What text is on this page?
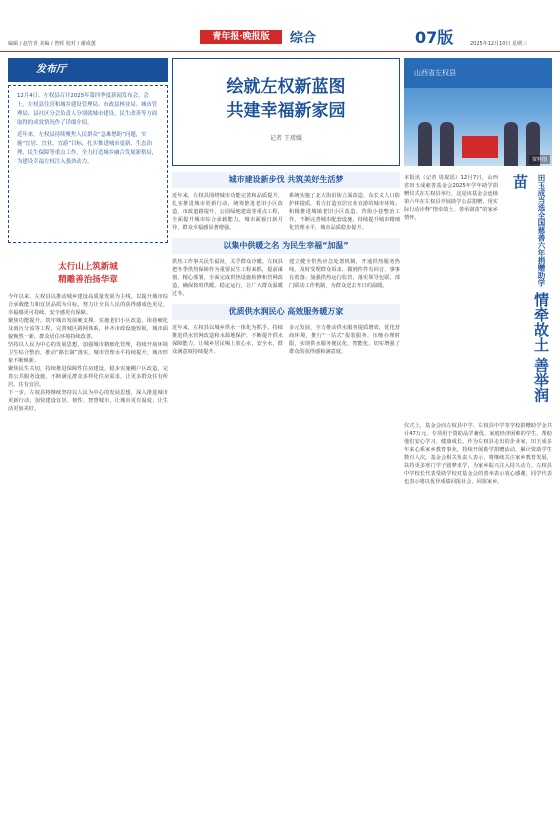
编辑 / 赵竹青 美编 / 曾晖 校对 / 谢成蕙
青年报·晚报版	综合	07版	2025年12月10日 星期三
发布厅

12月4日，左权县召开2025年第四季度新闻发布会。会上，左权县住房和城乡建设管理局、市政县林业局、城市管理局、县社区分会负责人分别就城市建设、民生改善等方面取得的成效情况作了详细介绍。

近年来，左权县持续聚焦人民群众“急难愁盼”问题，实施“宜居、宜业、宜游”目标，扎实推进城市更新、生态治理、民生保障等重点工作，全力打造城乡融合发展新格局，为建设幸福左权注入强劲动力。

太行山上筑新城
精雕善治扬华章

今年以来，左权县以推动城乡建设高质量发展为主线，以提升城市综合承载能力和宜居品质为目标，努力让全县人民的获得感成色更足、幸福感更可持续、安全感更有保障。

聚焦功能提升，筑牢城市发展硬支撑。实施老旧小区改造、街巷硬化及雨污分流等工程，完善城区路网体系，补齐市政设施短板，城市面貌焕然一新，群众居住环境持续改善。

坚持以人民为中心的发展思想，加强城市精细化管理，持续开展环境卫生综合整治，推动“路长制”落实，城市管理水平持续提升，城市形象不断焕新。

聚焦民生关切，持续推进保障性住房建设，稳步实施棚户区改造，完善公共服务设施，不断满足群众多样化住房需求，让更多群众住有所居、住有宜居。

下一步，左权县将继续坚持以人民为中心的发展思想，深入推进城市更新行动，加快建设宜居、韧性、智慧城市，让城市更有温度、让生活更加美好。

绘就左权新蓝图
共建幸福新家园
记者 王瑷媛
城市建设新步伐 共筑美好生活梦

近年来，左权县围绕城市功能完善和品质提升，扎实推进城市更新行动，统筹推进老旧小区改造、市政道路提升、公园绿地建设等重点工程，全面提升城市综合承载能力，城市面貌日新月异，群众幸福感显著增强。

系统实施了北大街沿街立面改造、东长义人口防护林提质，着力打造宜居宜业宜游的城市环境；积极推进城镇老旧小区改造、背街小巷整治工作，不断完善城市配套设施，持续提升城市精细化管理水平，城市品质稳步提升。

以集中供暖之名 为民生幸福“加温”

供热工作事关民生福祉，关乎群众冷暖。左权县把冬季供热保障作为重要民生工程来抓，提前谋划、精心部署，全面完成供热设施检修和管网改造，确保按时供暖、稳定运行，让广大群众温暖过冬。

建立健全供热应急处置机制，开通供热服务热线，及时受理群众诉求，做到件件有回音、事事有着落；加强供热运行监管，落实领导包联、部门联动工作机制，为群众送去冬日的温暖。

优质供水润民心 高效服务暖万家

近年来，左权县以城乡供水一体化为抓手，持续推进供水管网改造和水源地保护，不断提升供水保障能力，让城乡居民喝上放心水、安全水，群众满意度持续提升。

多元发展，全力推动供水服务提质增效，优化营商环境，推行“一站式”报装服务，压缩办理时限，实现供水服务便民化、智能化，切实增强了群众的获得感和满意度。

山西省左权县
资料图
田玉成当选全国慈善六年捐赠助学 情牵故土 善举润苗

本报讯（记者 周琨瑶）12月7日，山西省田玉成慈善基金会2025年学年助学捐赠仪式在左权县举行，这是该基金会连续第六年在左权县开展助学公益捐赠，用实际行动诠释“情牵故土、善举润苗”的家乡情怀。

仪式上，基金会向左权县中学、左权县中学等学校捐赠助学金共计47万元，专项用于资助品学兼优、家庭经济困难的学生，帮助他们安心学习、健康成长。作为左权县走出的企业家，田玉成多年来心系家乡教育事业，持续开展助学捐赠活动，累计资助学生数百人次。基金会相关负责人表示，将继续关注家乡教育发展，扶持更多寒门学子圆梦求学，为家乡振兴注入持久动力。左权县中学校长代表受助学校对基金会的善举表示衷心感谢，同学代表也表示将以优异成绩回报社会、回报家乡。
